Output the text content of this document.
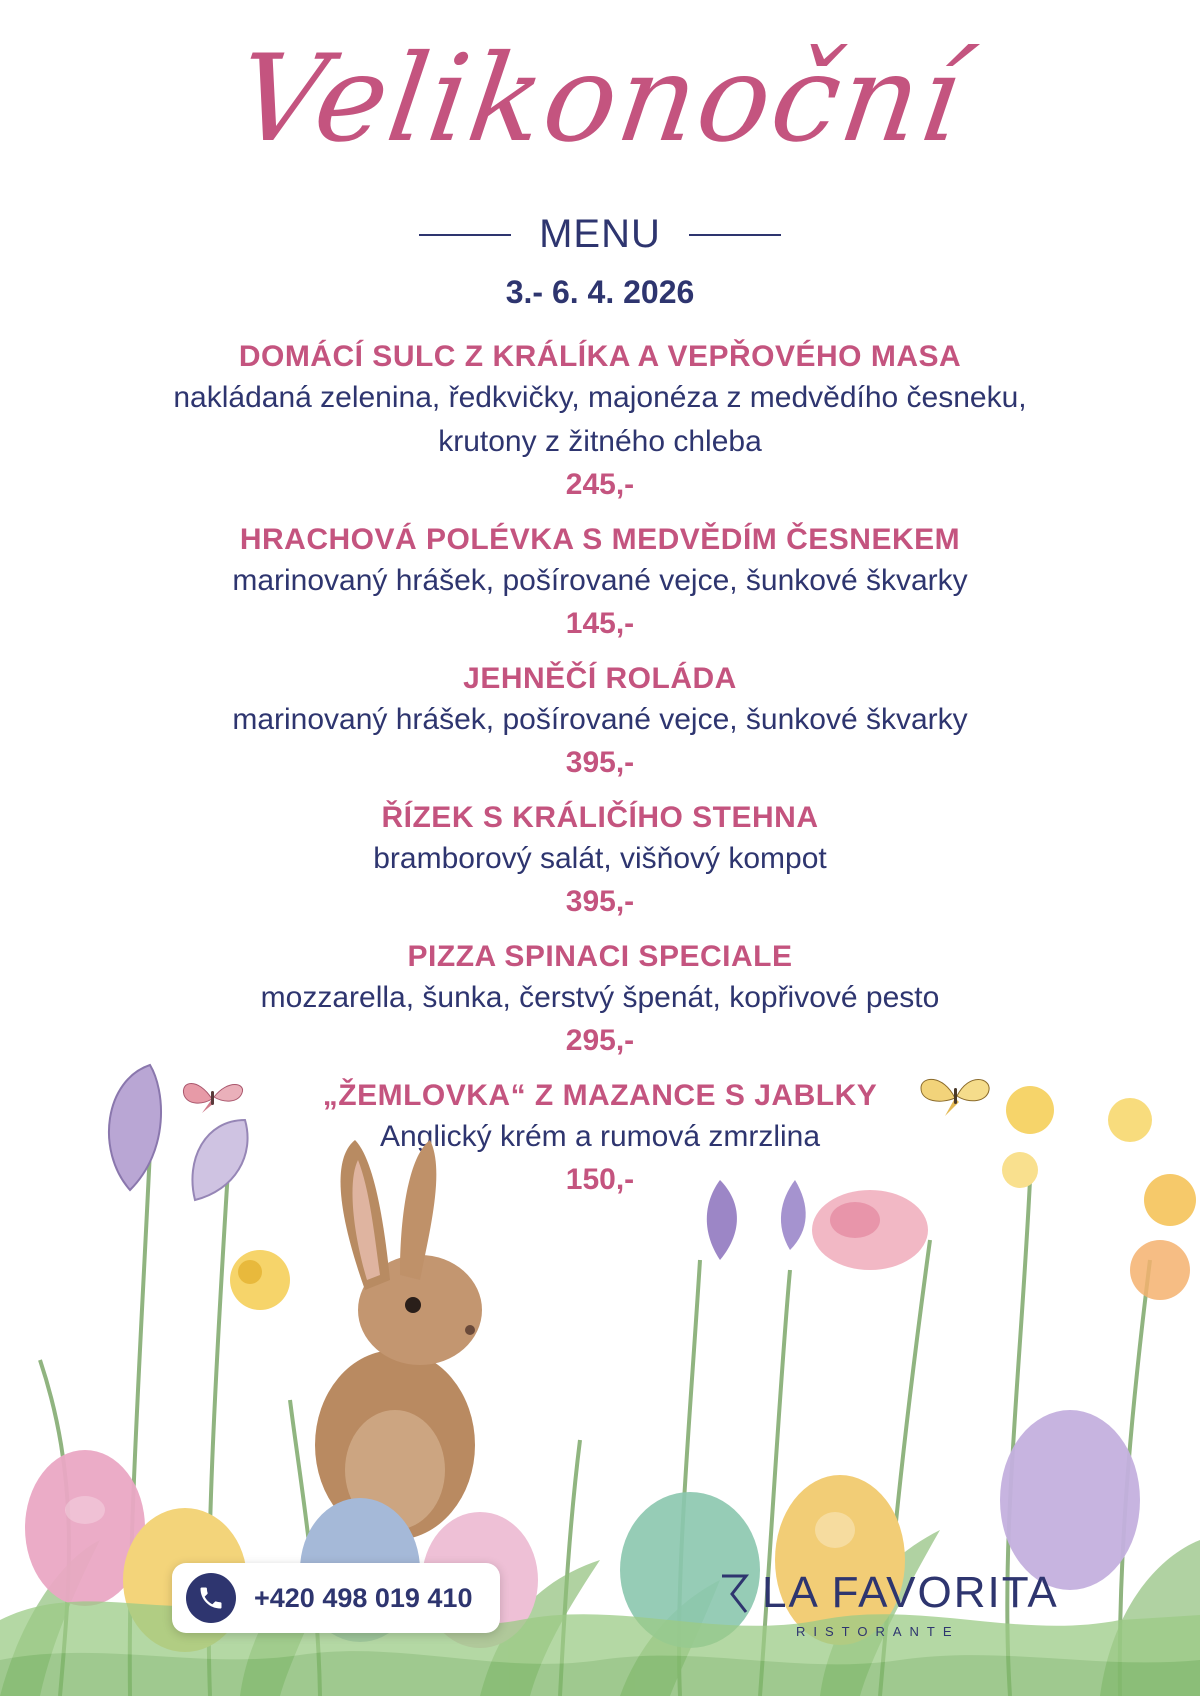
Velikonoční
MENU
3.- 6. 4. 2026
DOMÁCÍ SULC Z KRÁLÍKA A VEPŘOVÉHO MASA
nakládaná zelenina, ředkvičky, majonéza z medvědího česneku, krutony z žitného chleba
245,-
HRACHOVÁ POLÉVKA S MEDVĚDÍM ČESNEKEM
marinovaný hrášek, pošírované vejce, šunkové škvarky
145,-
JEHNĚČÍ ROLÁDA
marinovaný hrášek, pošírované vejce, šunkové škvarky
395,-
ŘÍZEK S KRÁLIČÍHO STEHNA
bramborový salát, višňový kompot
395,-
PIZZA SPINACI SPECIALE
mozzarella, šunka, čerstvý špenát, kopřivové pesto
295,-
„ŽEMLOVKA“ Z MAZANCE S JABLKY
Anglický krém a rumová zmrzlina
150,-
+420 498 019 410	LA FAVORITA
RISTORANTE
